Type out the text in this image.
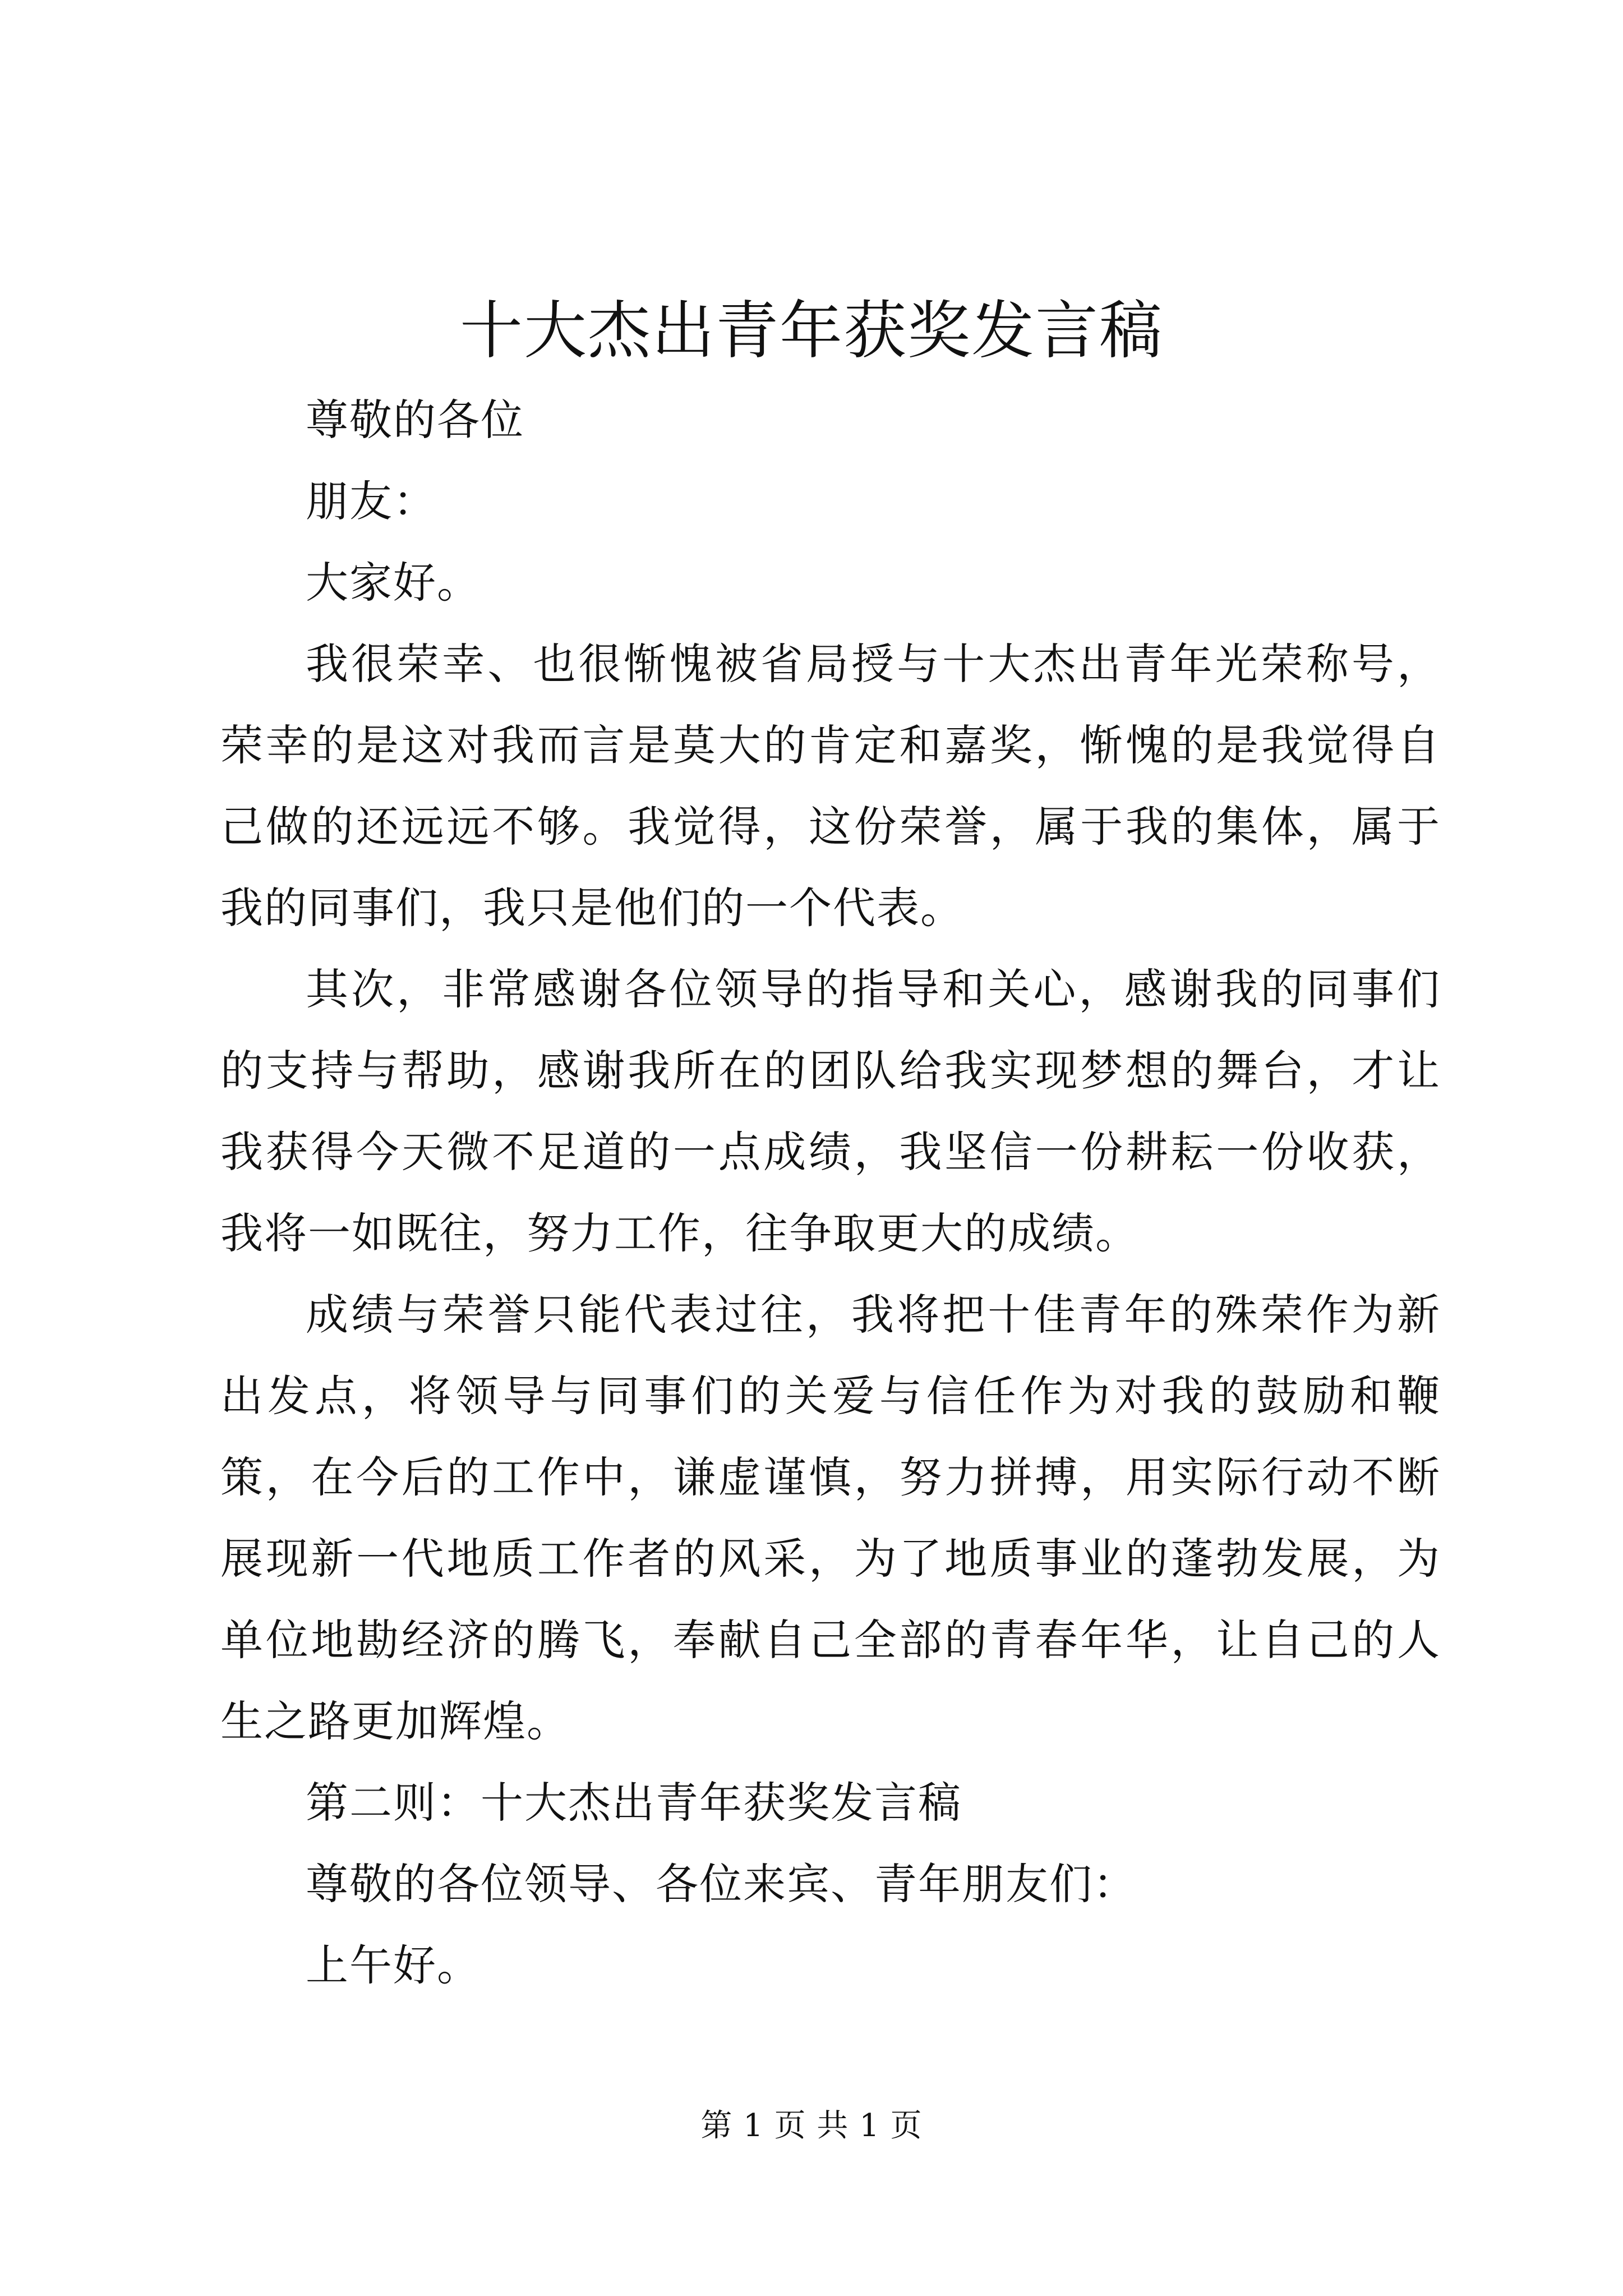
十大杰出青年获奖发言稿

尊敬的各位

朋友：

大家好。

我很荣幸、也很惭愧被省局授与十大杰出青年光荣称号，荣幸的是这对我而言是莫大的肯定和嘉奖，惭愧的是我觉得自己做的还远远不够。我觉得，这份荣誉，属于我的集体，属于我的同事们，我只是他们的一个代表。

其次，非常感谢各位领导的指导和关心，感谢我的同事们的支持与帮助，感谢我所在的团队给我实现梦想的舞台，才让我获得今天微不足道的一点成绩，我坚信一份耕耘一份收获，我将一如既往，努力工作，往争取更大的成绩。

成绩与荣誉只能代表过往，我将把十佳青年的殊荣作为新出发点，将领导与同事们的关爱与信任作为对我的鼓励和鞭策，在今后的工作中，谦虚谨慎，努力拼搏，用实际行动不断展现新一代地质工作者的风采，为了地质事业的蓬勃发展，为单位地勘经济的腾飞，奉献自己全部的青春年华，让自己的人生之路更加辉煌。

第二则：十大杰出青年获奖发言稿

尊敬的各位领导、各位来宾、青年朋友们：

上午好。

第 1 页 共 1 页
